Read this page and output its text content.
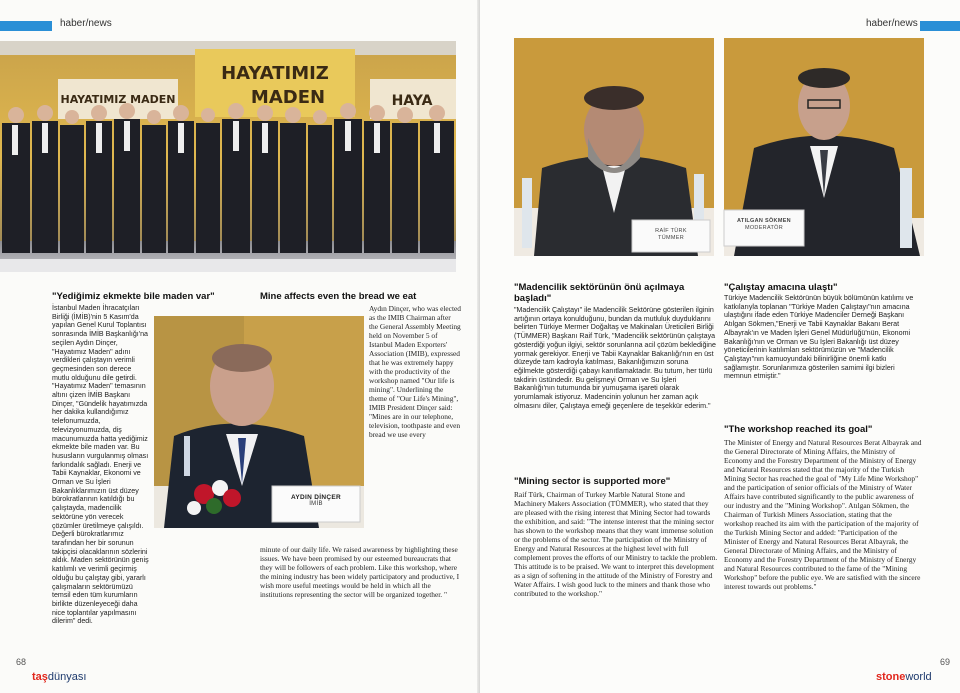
haber/news
HAYATIMIZ
MADEN
HAYATIMIZ MADEN	HAYA
"Yediğimiz ekmekte bile maden var"
İstanbul Maden İhracatçıları Birliği (İMİB)'nin 5 Kasım'da yapılan Genel Kurul Toplantısı sonrasında İMİB Başkanlığı'na seçilen Aydın Dinçer, "Hayatımız Maden" adını verdikleri çalıştayın verimli geçmesinden son derece mutlu olduğunu dile getirdi. "Hayatımız Maden" temasının altını çizen İMİB Başkanı Dinçer, "Gündelik hayatımızda her dakika kullandığımız telefonumuzda, televizyonumuzda, diş macunumuzda hatta yediğimiz ekmekte bile maden var. Bu hususların vurgulanmış olması farkındalık sağladı. Enerji ve Tabii Kaynaklar, Ekonomi ve Orman ve Su İşleri Bakanlıklarımızın üst düzey bürokratlarının katıldığı bu çalıştayda, madencilik sektörüne yön verecek çözümler üretilmeye çalışıldı. Değerli bürokratlarımız tarafından her bir sorunun takipçisi olacaklarının sözlerini aldık. Maden sektörünün geniş katılımlı ve verimli geçirmiş olduğu bu çalıştay gibi, yararlı çalışmaların sektörümüzü temsil eden tüm kurumların birlikte düzenleyeceği daha nice toplantılar yapılmasını dilerim" dedi.
AYDIN DİNÇER
İMİB
Mine affects even the bread we eat
Aydın Dinçer, who was elected as the IMIB Chairman after the General Assembly Meeting held on November 5 of Istanbul Maden Exporters' Association (IMIB), expressed that he was extremely happy with the productivity of the workshop named "Our life is mining". Underlining the theme of "Our Life's Mining", IMIB President Dinçer said: "Mines are in our telephone, television, toothpaste and even bread we use every
minute of our daily life. We raised awareness by highlighting these issues. We have been promised by our esteemed bureaucrats that they will be followers of each problem. Like this workshop, where the mining industry has been widely participatory and productive, I wish more useful meetings would be held in which all the institutions representing the sector will be organized together. "
68
taşdünyası
haber/news
RAİF TÜRK
TÜMMER
ATILGAN SÖKMEN
MODERATÖR
"Madencilik sektörünün önü açılmaya başladı"
"Madencilik Çalıştayı" ile Madencilik Sektörüne gösterilen ilginin artığının ortaya konulduğunu, bundan da mutluluk duyduklarını belirten Türkiye Mermer Doğaltaş ve Makinaları Üreticileri Birliği (TÜMMER) Başkanı Raif Türk, "Madencilik sektörünün çalıştaya gösterdiği yoğun ilgiyi, sektör sorunlarına acil çözüm beklediğine yormak gerekiyor. Enerji ve Tabii Kaynaklar Bakanlığı'nın en üst düzeyde tam kadroyla katılması, Bakanlığımızın soruna eğilmekte gösterdiği çabayı kanıtlamaktadır. Bu tutum, her türlü takdirin üstündedir. Bu gelişmeyi Orman ve Su İşleri Bakanlığı'nın tutumunda bir yumuşama işareti olarak yorumlamak istiyoruz. Madencinin yolunun her zaman açık olmasını diler, Çalıştaya emeği geçenlere de teşekkür ederim."
"Mining sector is supported more"
Raif Türk, Chairman of Turkey Marble Natural Stone and Machinery Makers Association (TÜMMER), who stated that they are pleased with the rising interest that Mining Sector had towards the exhibition, and said: "The intense interest that the mining sector has shown to the workshop means that they want immense solution or the problems of the sector. The participation of the Ministry of Energy and Natural Resources at the highest level with full complement proves the efforts of our Ministry to tackle the problem. This attitude is to be praised. We want to interpret this development as a sign of softening in the attitude of the Ministry of Forestry and Water Affairs. I wish good luck to the miners and thank those who contributed to the workshop."
"Çalıştay amacına ulaştı"
Türkiye Madencilik Sektörünün büyük bölümünün katılımı ve katkılarıyla toplanan "Türkiye Maden Çalıştayı"nın amacına ulaştığını ifade eden Türkiye Madenciler Derneği Başkanı Atılgan Sökmen,"Enerji ve Tabii Kaynaklar Bakanı Berat Albayrak'ın ve Maden İşleri Genel Müdürlüğü'nün, Ekonomi Bakanlığı'nın ve Orman ve Su İşleri Bakanlığı üst düzey yöneticilerinin katılımları sektörümüzün ve "Madencilik Çalıştayı"nın kamuoyundaki bilinirliğine önemli katkı sağlamıştır. Sorunlarımıza gösterilen samimi ilgi bizleri memnun etmiştir."
"The workshop reached its goal"
The Minister of Energy and Natural Resources Berat Albayrak and the General Directorate of Mining Affairs, the Ministry of Economy and the Forestry Department of the Ministry of Energy and Natural Resources stated that the majority of the Turkish Mining Sector has reached the goal of "My Life Mine Workshop" and the participation of senior officials of the Ministry of Water Affairs have contributed significantly to the public awareness of our industry and the "Mining Workshop". Atılgan Sökmen, the Chairman of Turkish Miners Association, stating that the workshop reached its aim with the participation of the majority of the Turkish Mining Sector and added: "Participation of the Minister of Energy and Natural Resources Berat Albayrak, the General Directorate of Mining Affairs, and the Ministry of Economy and the Forestry Department of the Ministry of Energy and Natural Resources contributed to the fame of the "Mining Workshop" before the public eye. We are satisfied with the sincere interest towards out problems."
69
stoneworld
